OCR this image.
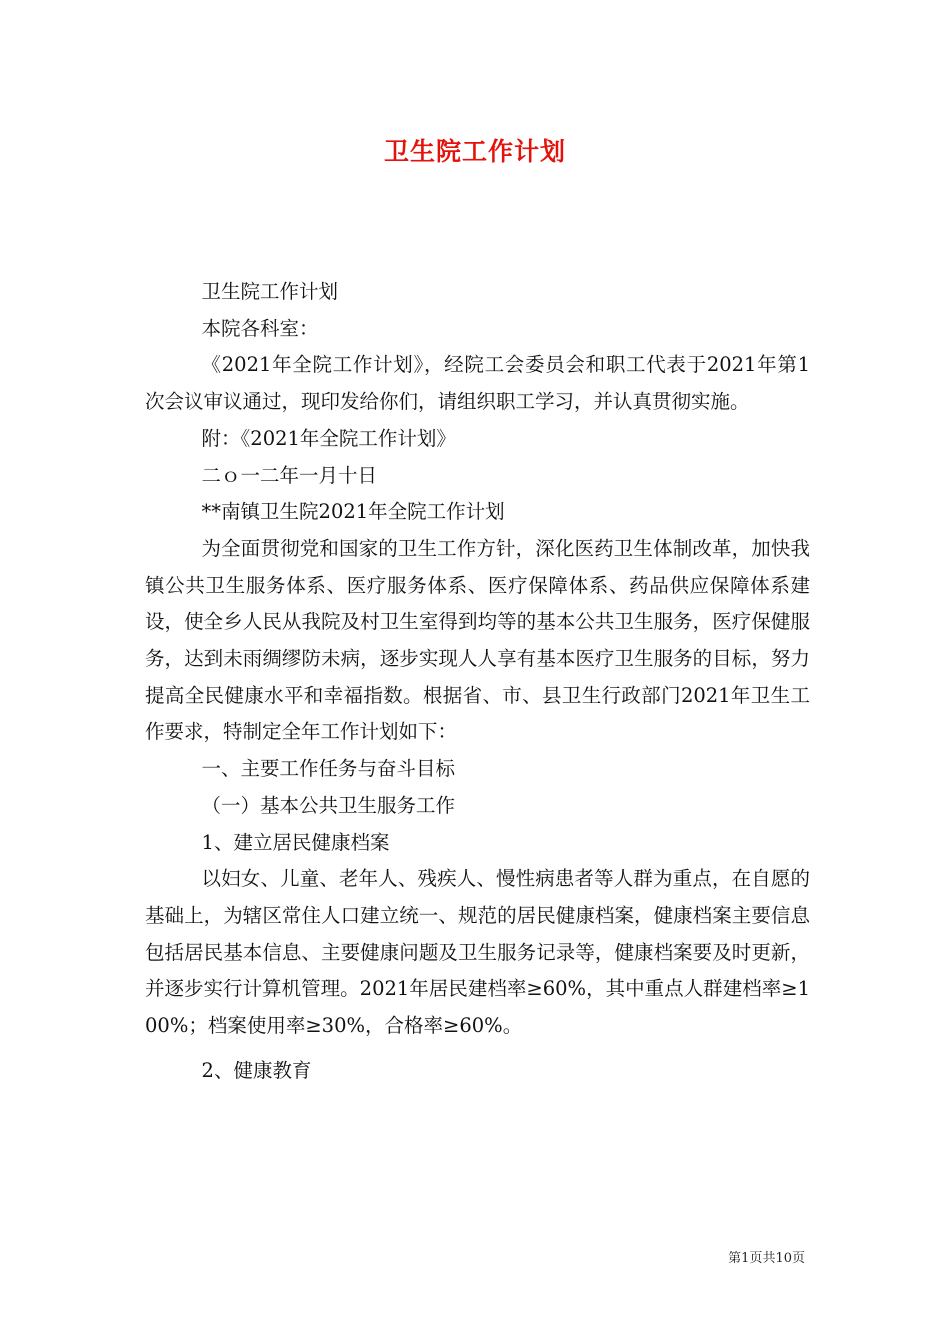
卫生院工作计划

卫生院工作计划

本院各科室：

《2021年全院工作计划》，经院工会委员会和职工代表于2021年第1次会议审议通过，现印发给你们，请组织职工学习，并认真贯彻实施。

附：《2021年全院工作计划》

二ｏ一二年一月十日

**南镇卫生院2021年全院工作计划

为全面贯彻党和国家的卫生工作方针，深化医药卫生体制改革，加快我镇公共卫生服务体系、医疗服务体系、医疗保障体系、药品供应保障体系建设，使全乡人民从我院及村卫生室得到均等的基本公共卫生服务，医疗保健服务，达到未雨绸缪防未病，逐步实现人人享有基本医疗卫生服务的目标，努力提高全民健康水平和幸福指数。根据省、市、县卫生行政部门2021年卫生工作要求，特制定全年工作计划如下：

一、主要工作任务与奋斗目标

（一）基本公共卫生服务工作

1、建立居民健康档案

以妇女、儿童、老年人、残疾人、慢性病患者等人群为重点，在自愿的基础上，为辖区常住人口建立统一、规范的居民健康档案，健康档案主要信息包括居民基本信息、主要健康问题及卫生服务记录等，健康档案要及时更新，并逐步实行计算机管理。2021年居民建档率≥60%，其中重点人群建档率≥100%；档案使用率≥30%，合格率≥60%。

2、健康教育

第1页共10页
